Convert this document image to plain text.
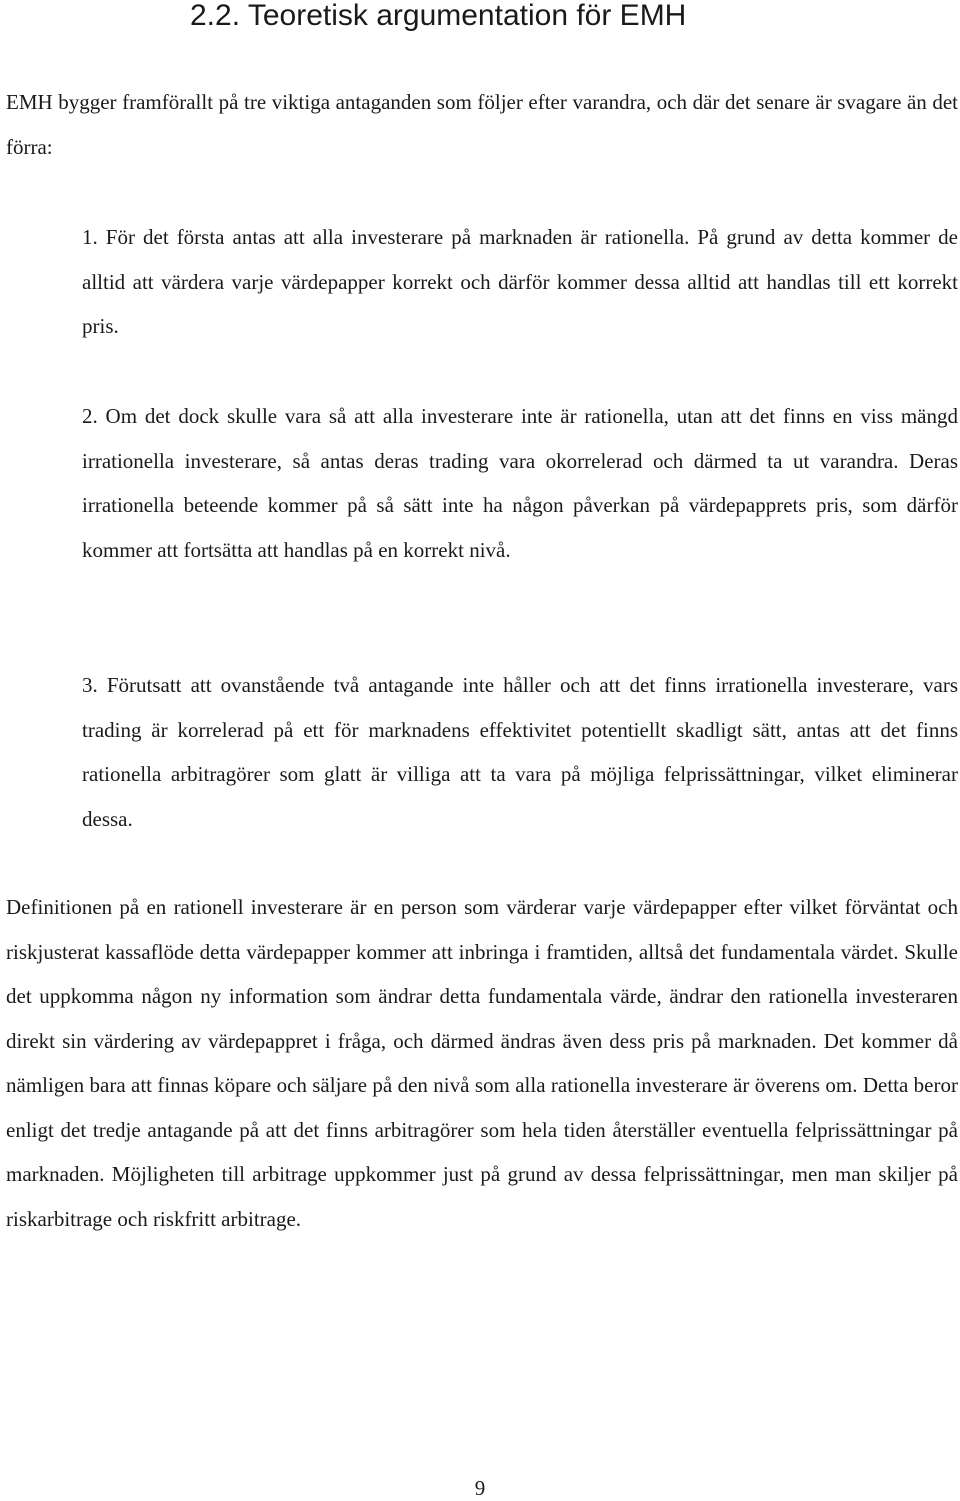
2.2. Teoretisk argumentation för EMH

EMH bygger framförallt på tre viktiga antaganden som följer efter varandra, och där det senare är svagare än det förra:

1. För det första antas att alla investerare på marknaden är rationella. På grund av detta kommer de alltid att värdera varje värdepapper korrekt och därför kommer dessa alltid att handlas till ett korrekt pris.
2. Om det dock skulle vara så att alla investerare inte är rationella, utan att det finns en viss mängd irrationella investerare, så antas deras trading vara okorrelerad och därmed ta ut varandra. Deras irrationella beteende kommer på så sätt inte ha någon påverkan på värdepapprets pris, som därför kommer att fortsätta att handlas på en korrekt nivå.
3. Förutsatt att ovanstående två antagande inte håller och att det finns irrationella investerare, vars trading är korrelerad på ett för marknadens effektivitet potentiellt skadligt sätt, antas att det finns rationella arbitragörer som glatt är villiga att ta vara på möjliga felprissättningar, vilket eliminerar dessa.

Definitionen på en rationell investerare är en person som värderar varje värdepapper efter vilket förväntat och riskjusterat kassaflöde detta värdepapper kommer att inbringa i framtiden, alltså det fundamentala värdet. Skulle det uppkomma någon ny information som ändrar detta fundamentala värde, ändrar den rationella investeraren direkt sin värdering av värdepappret i fråga, och därmed ändras även dess pris på marknaden. Det kommer då nämligen bara att finnas köpare och säljare på den nivå som alla rationella investerare är överens om. Detta beror enligt det tredje antagande på att det finns arbitragörer som hela tiden återställer eventuella felprissättningar på marknaden. Möjligheten till arbitrage uppkommer just på grund av dessa felprissättningar, men man skiljer på riskarbitrage och riskfritt arbitrage.

9
